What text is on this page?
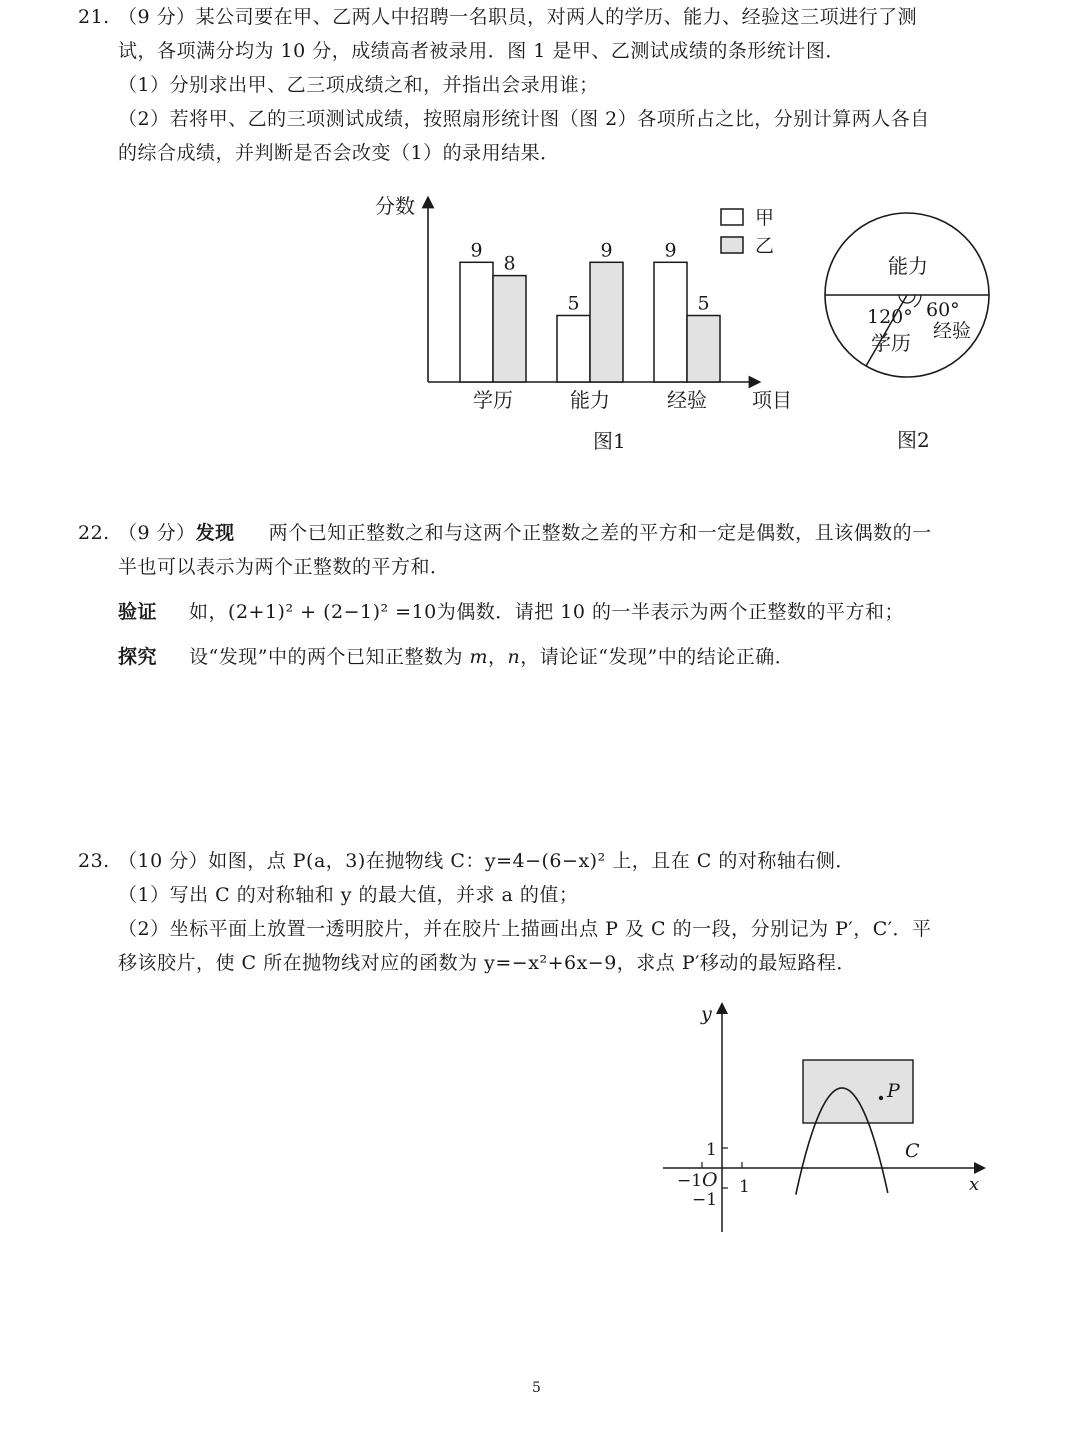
21. （9 分）某公司要在甲、乙两人中招聘一名职员，对两人的学历、能力、经验这三项进行了测
试，各项满分均为 10 分，成绩高者被录用．图 1 是甲、乙测试成绩的条形统计图．
（1）分别求出甲、乙三项成绩之和，并指出会录用谁；
（2）若将甲、乙的三项测试成绩，按照扇形统计图（图 2）各项所占之比，分别计算两人各自
的综合成绩，并判断是否会改变（1）的录用结果．
分数
项目
9
8
5
9	9
5
学历	能力	经验
甲
乙
图1
能力
120°
学历
60°
经验
图2
22. （9 分）发现 两个已知正整数之和与这两个正整数之差的平方和一定是偶数，且该偶数的一
半也可以表示为两个正整数的平方和．
验证 如，(2+1)² + (2−1)² =10为偶数．请把 10 的一半表示为两个正整数的平方和；
探究 设“发现”中的两个已知正整数为 m，n，请论证“发现”中的结论正确．
23. （10 分）如图，点 P(a，3)在抛物线 C：y=4−(6−x)² 上，且在 C 的对称轴右侧．
（1）写出 C 的对称轴和 y 的最大值，并求 a 的值；
（2）坐标平面上放置一透明胶片，并在胶片上描画出点 P 及 C 的一段，分别记为 P′，C′．平
移该胶片，使 C 所在抛物线对应的函数为 y=−x²+6x−9，求点 P′移动的最短路程．
y
x
O
1
1
−1
−1
P
C
5
